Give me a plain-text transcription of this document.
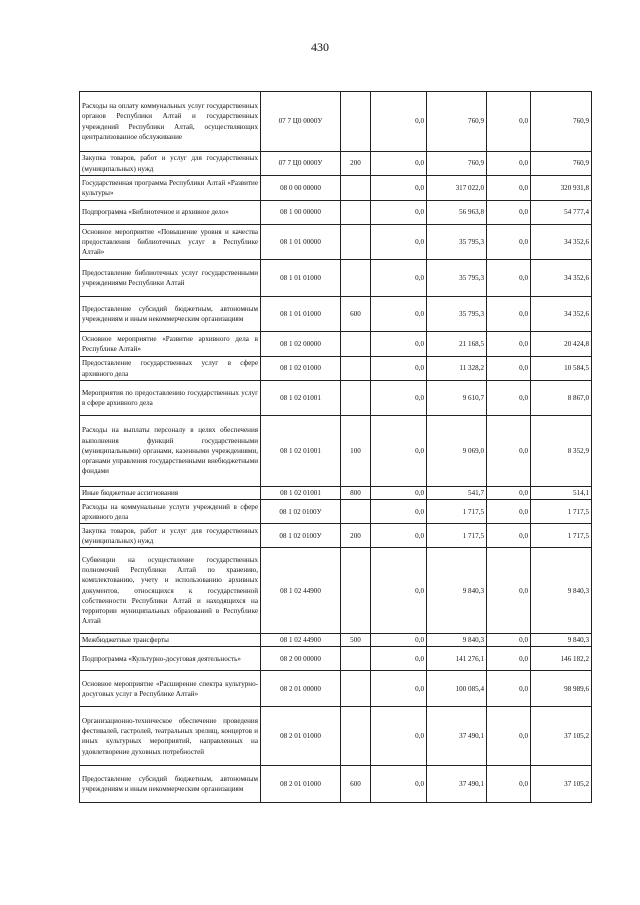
430
Расходы на оплату коммунальных услуг государственных органов Республики Алтай и государственных учреждений Республики Алтай, осуществляющих централизованное обслуживание	07 7 Ц0 0000У		0,0	760,9	0,0	760,9
Закупка товаров, работ и услуг для государственных (муниципальных) нужд	07 7 Ц0 0000У	200	0,0	760,9	0,0	760,9
Государственная программа Республики Алтай «Развитие культуры»	08 0 00 00000		0,0	317 022,0	0,0	320 931,8
Подпрограмма «Библиотечное и архивное дело»	08 1 00 00000		0,0	56 963,8	0,0	54 777,4
Основное мероприятие «Повышение уровня и качества предоставления библиотечных услуг в Республике Алтай»	08 1 01 00000		0,0	35 795,3	0,0	34 352,6
Предоставление библиотечных услуг государственными учреждениями Республики Алтай	08 1 01 01000		0,0	35 795,3	0,0	34 352,6
Предоставление субсидий бюджетным, автономным учреждениям и иным некоммерческим организациям	08 1 01 01000	600	0,0	35 795,3	0,0	34 352,6
Основное мероприятие «Развитие архивного дела в Республике Алтай»	08 1 02 00000		0,0	21 168,5	0,0	20 424,8
Предоставление государственных услуг в сфере архивного дела	08 1 02 01000		0,0	11 328,2	0,0	10 584,5
Мероприятия по предоставлению государственных услуг в сфере архивного дела	08 1 02 01001		0,0	9 610,7	0,0	8 867,0
Расходы на выплаты персоналу в целях обеспечения выполнения функций государственными (муниципальными) органами, казенными учреждениями, органами управления государственными внебюджетными фондами	08 1 02 01001	100	0,0	9 069,0	0,0	8 352,9
Иные бюджетные ассигнования	08 1 02 01001	800	0,0	541,7	0,0	514,1
Расходы на коммунальные услуги учреждений в сфере архивного дела	08 1 02 0100У		0,0	1 717,5	0,0	1 717,5
Закупка товаров, работ и услуг для государственных (муниципальных) нужд	08 1 02 0100У	200	0,0	1 717,5	0,0	1 717,5
Субвенции на осуществление государственных полномочий Республики Алтай по хранению, комплектованию, учету и использованию архивных документов, относящихся к государственной собственности Республики Алтай и находящихся на территории муниципальных образований в Республике Алтай	08 1 02 44900		0,0	9 840,3	0,0	9 840,3
Межбюджетные трансферты	08 1 02 44900	500	0,0	9 840,3	0,0	9 840,3
Подпрограмма «Культурно-досуговая деятельность»	08 2 00 00000		0,0	141 276,1	0,0	146 182,2
Основное мероприятие «Расширение спектра культурно-досуговых услуг в Республике Алтай»	08 2 01 00000		0,0	100 085,4	0,0	98 989,6
Организационно-техническое обеспечение проведения фестивалей, гастролей, театральных зрелищ, концертов и иных культурных мероприятий, направленных на удовлетворение духовных потребностей	08 2 01 01000		0,0	37 490,1	0,0	37 105,2
Предоставление субсидий бюджетным, автономным учреждениям и иным некоммерческим организациям	08 2 01 01000	600	0,0	37 490,1	0,0	37 105,2
